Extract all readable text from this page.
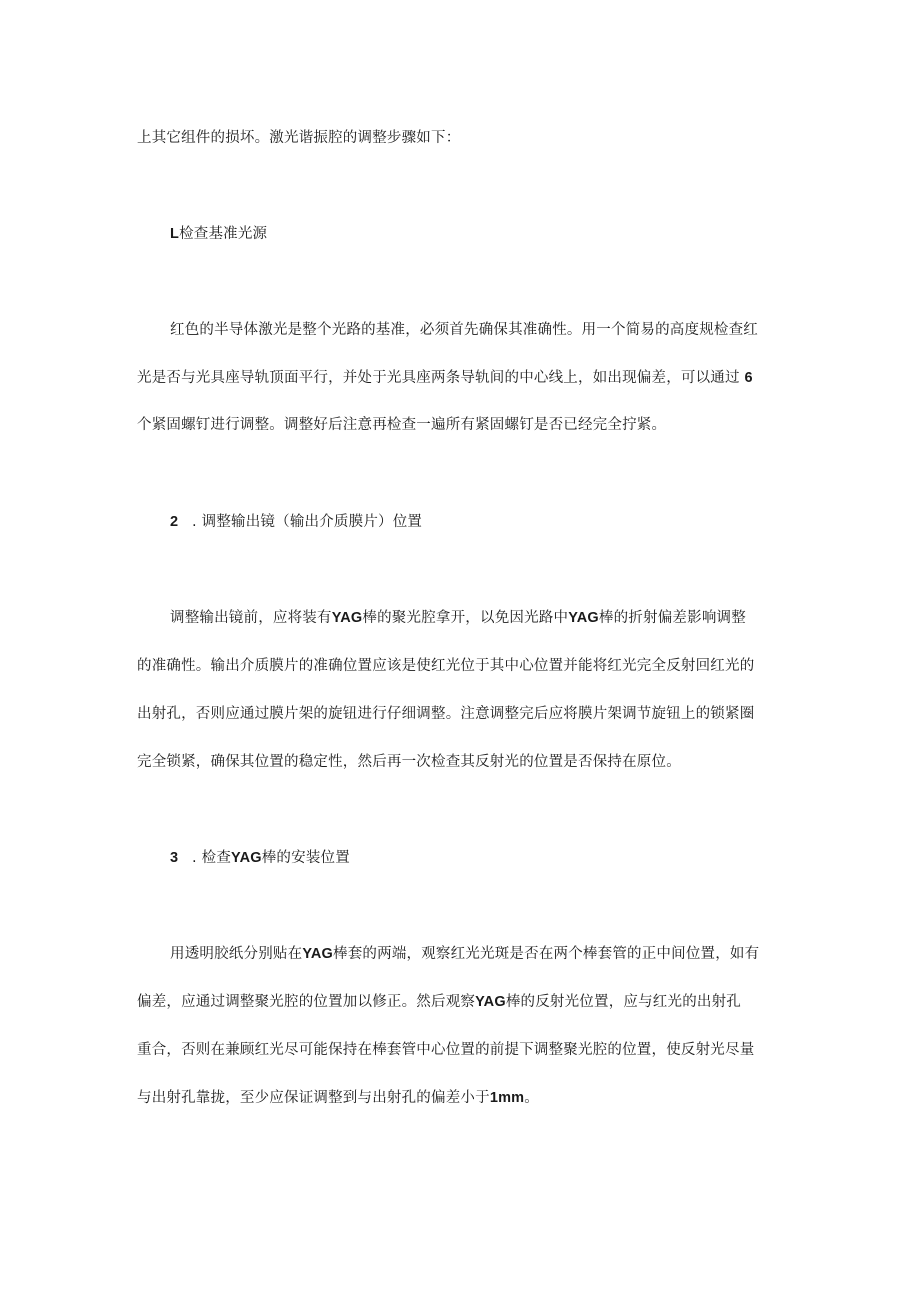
上其它组件的损坏。激光谐振腔的调整步骤如下：
L检查基准光源
红色的半导体激光是整个光路的基准，必须首先确保其准确性。用一个简易的高度规检查红
光是否与光具座导轨顶面平行，并处于光具座两条导轨间的中心线上，如出现偏差，可以通过 6
个紧固螺钉进行调整。调整好后注意再检查一遍所有紧固螺钉是否已经完全拧紧。
2 . 调整输出镜（输出介质膜片）位置
调整输出镜前，应将装有YAG棒的聚光腔拿开，以免因光路中YAG棒的折射偏差影响调整
的准确性。输出介质膜片的准确位置应该是使红光位于其中心位置并能将红光完全反射回红光的
出射孔，否则应通过膜片架的旋钮进行仔细调整。注意调整完后应将膜片架调节旋钮上的锁紧圈
完全锁紧，确保其位置的稳定性，然后再一次检查其反射光的位置是否保持在原位。
3 . 检查YAG棒的安装位置
用透明胶纸分别贴在YAG棒套的两端，观察红光光斑是否在两个棒套管的正中间位置，如有
偏差，应通过调整聚光腔的位置加以修正。然后观察YAG棒的反射光位置，应与红光的出射孔
重合，否则在兼顾红光尽可能保持在棒套管中心位置的前提下调整聚光腔的位置，使反射光尽量
与出射孔靠拢，至少应保证调整到与出射孔的偏差小于1mm。
